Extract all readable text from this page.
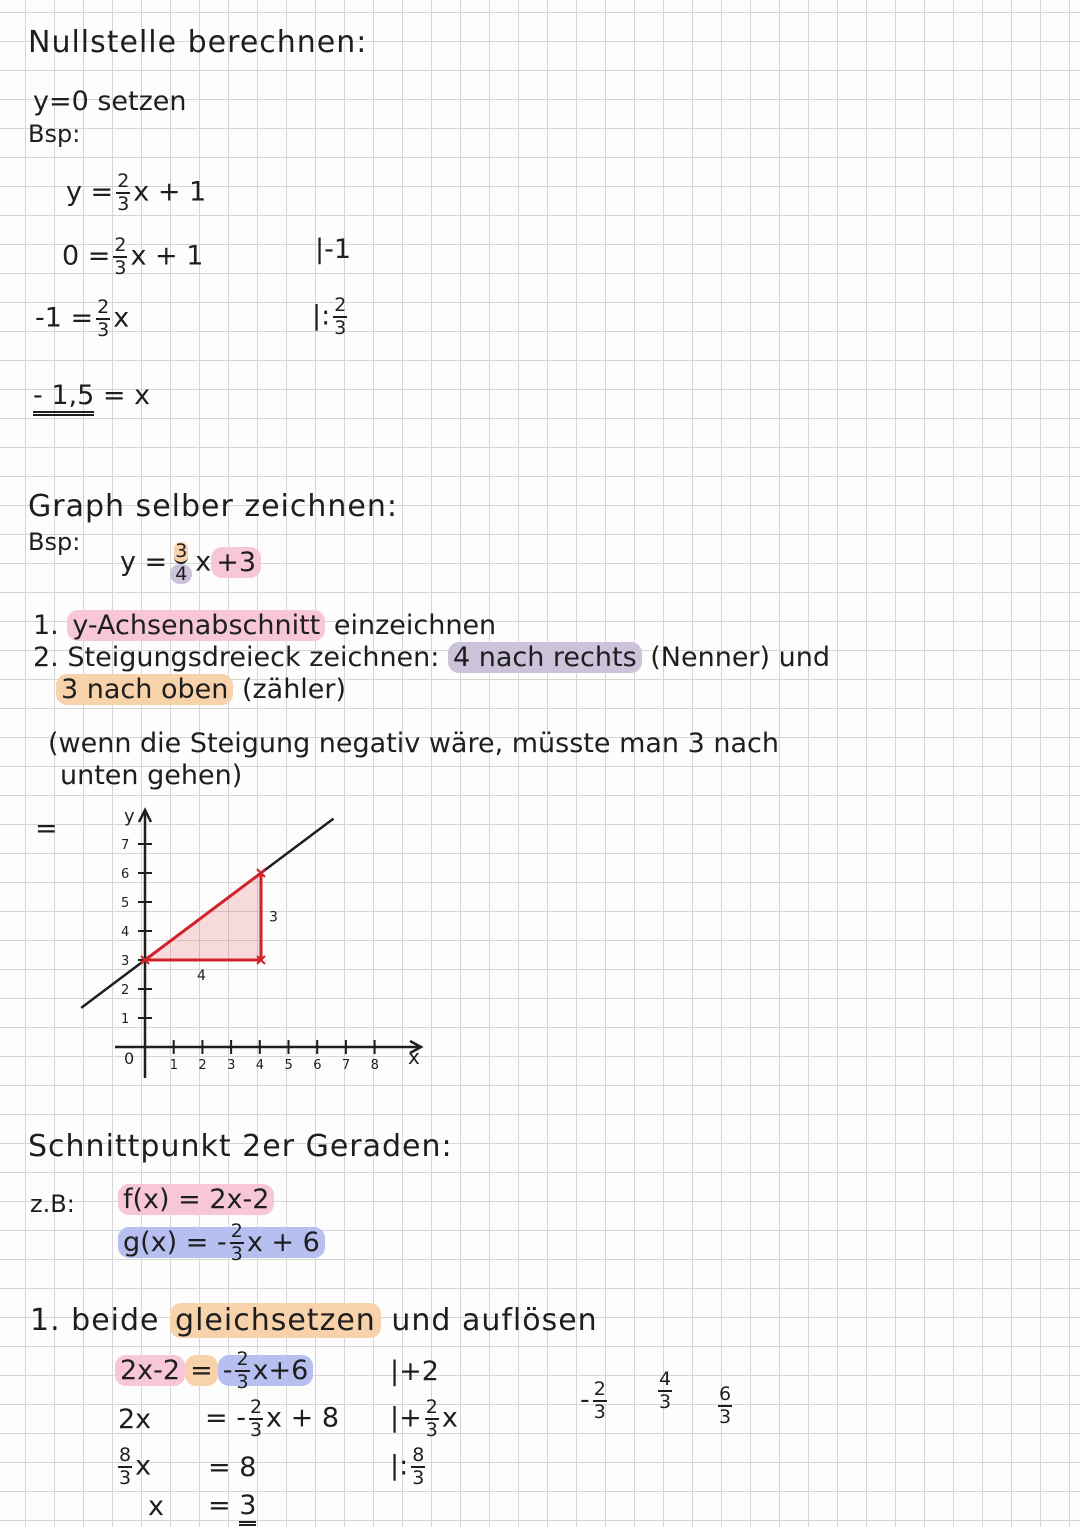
Nullstelle berechnen:
y=0 setzen
Bsp:
$y = \frac{2}{3}$ x + 1
$0 = \frac{2}{3}$ x + 1	|-1
$-1 = \frac{2}{3}$ x	|: $\frac{2}{3}$
- 1,5 = x
Graph selber zeichnen:
Bsp:
$y = \frac{3}{4}$ x +3
1. y-Achsenabschnitt einzeichnen
2. Steigungsdreieck zeichnen: 4 nach rechts (Nenner) und
3 nach oben (zähler)
(wenn die Steigung negativ wäre, müsste man 3 nach
unten gehen)
=
x
y
0	1 2 3 4 5 6 7 8
1
2
3
4
5
6
7
4
3
Schnittpunkt 2er Geraden:
z.B: f(x) = 2x-2
g(x) = - $\frac{2}{3}$ x + 6
1. beide gleichsetzen und auflösen
2x-2 = - $\frac{2}{3} x+6$	|+2
2x = - $\frac{2}{3}$ x + 8 |+ $\frac{2}{3}$ x
$\frac{8}{3}$ x = 8	|: $\frac{8}{3}$
x = 3
- $\frac{2}{3}$	$\frac{4}{3} \frac{6}{3}$
